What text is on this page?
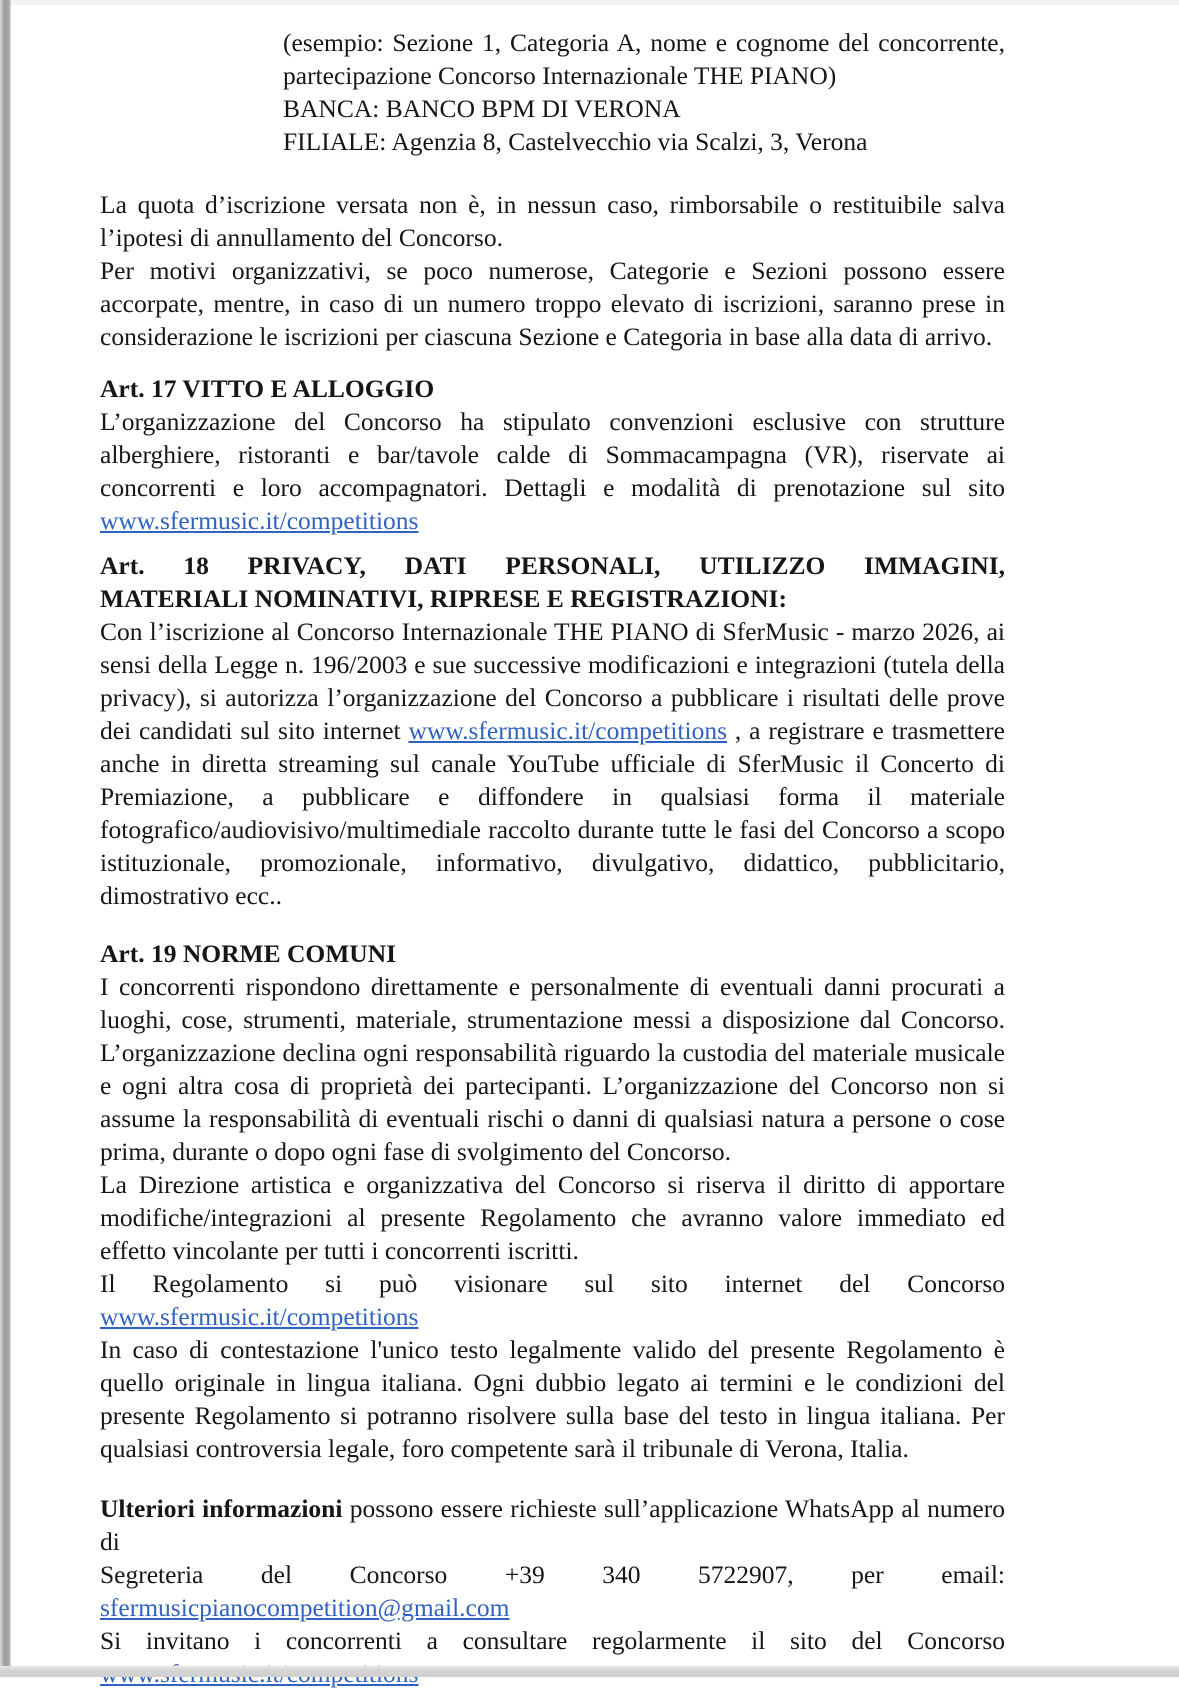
(esempio: Sezione 1, Categoria A, nome e cognome del concorrente, partecipazione Concorso Internazionale THE PIANO)

BANCA: BANCO BPM DI VERONA

FILIALE: Agenzia 8, Castelvecchio via Scalzi, 3, Verona

La quota d’iscrizione versata non è, in nessun caso, rimborsabile o restituibile salva l’ipotesi di annullamento del Concorso.

Per motivi organizzativi, se poco numerose, Categorie e Sezioni possono essere accorpate, mentre, in caso di un numero troppo elevato di iscrizioni, saranno prese in considerazione le iscrizioni per ciascuna Sezione e Categoria in base alla data di arrivo.

Art. 17 VITTO E ALLOGGIO

L’organizzazione del Concorso ha stipulato convenzioni esclusive con strutture alberghiere, ristoranti e bar/tavole calde di Sommacampagna (VR), riservate ai concorrenti e loro accompagnatori. Dettagli e modalità di prenotazione sul sito www.sfermusic.it/competitions

Art. 18 PRIVACY, DATI PERSONALI, UTILIZZO IMMAGINI,
MATERIALI NOMINATIVI, RIPRESE E REGISTRAZIONI:

Con l’iscrizione al Concorso Internazionale THE PIANO di SferMusic - marzo 2026, ai sensi della Legge n. 196/2003 e sue successive modificazioni e integrazioni (tutela della privacy), si autorizza l’organizzazione del Concorso a pubblicare i risultati delle prove dei candidati sul sito internet www.sfermusic.it/competitions , a registrare e trasmettere anche in diretta streaming sul canale YouTube ufficiale di SferMusic il Concerto di Premiazione, a pubblicare e diffondere in qualsiasi forma il materiale fotografico/audiovisivo/multimediale raccolto durante tutte le fasi del Concorso a scopo istituzionale, promozionale, informativo, divulgativo, didattico, pubblicitario, dimostrativo ecc..

Art. 19 NORME COMUNI

I concorrenti rispondono direttamente e personalmente di eventuali danni procurati a luoghi, cose, strumenti, materiale, strumentazione messi a disposizione dal Concorso.

L’organizzazione declina ogni responsabilità riguardo la custodia del materiale musicale e ogni altra cosa di proprietà dei partecipanti. L’organizzazione del Concorso non si assume la responsabilità di eventuali rischi o danni di qualsiasi natura a persone o cose prima, durante o dopo ogni fase di svolgimento del Concorso.

La Direzione artistica e organizzativa del Concorso si riserva il diritto di apportare modifiche/integrazioni al presente Regolamento che avranno valore immediato ed effetto vincolante per tutti i concorrenti iscritti.

Il Regolamento si può visionare sul sito internet del Concorso
www.sfermusic.it/competitions

In caso di contestazione l'unico testo legalmente valido del presente Regolamento è quello originale in lingua italiana. Ogni dubbio legato ai termini e le condizioni del presente Regolamento si potranno risolvere sulla base del testo in lingua italiana. Per qualsiasi controversia legale, foro competente sarà il tribunale di Verona, Italia.

Ulteriori informazioni possono essere richieste sull’applicazione WhatsApp al numero di
Segreteria del Concorso +39 340 5722907, per email:
sfermusicpianocompetition@gmail.com
Si invitano i concorrenti a consultare regolarmente il sito del Concorso
